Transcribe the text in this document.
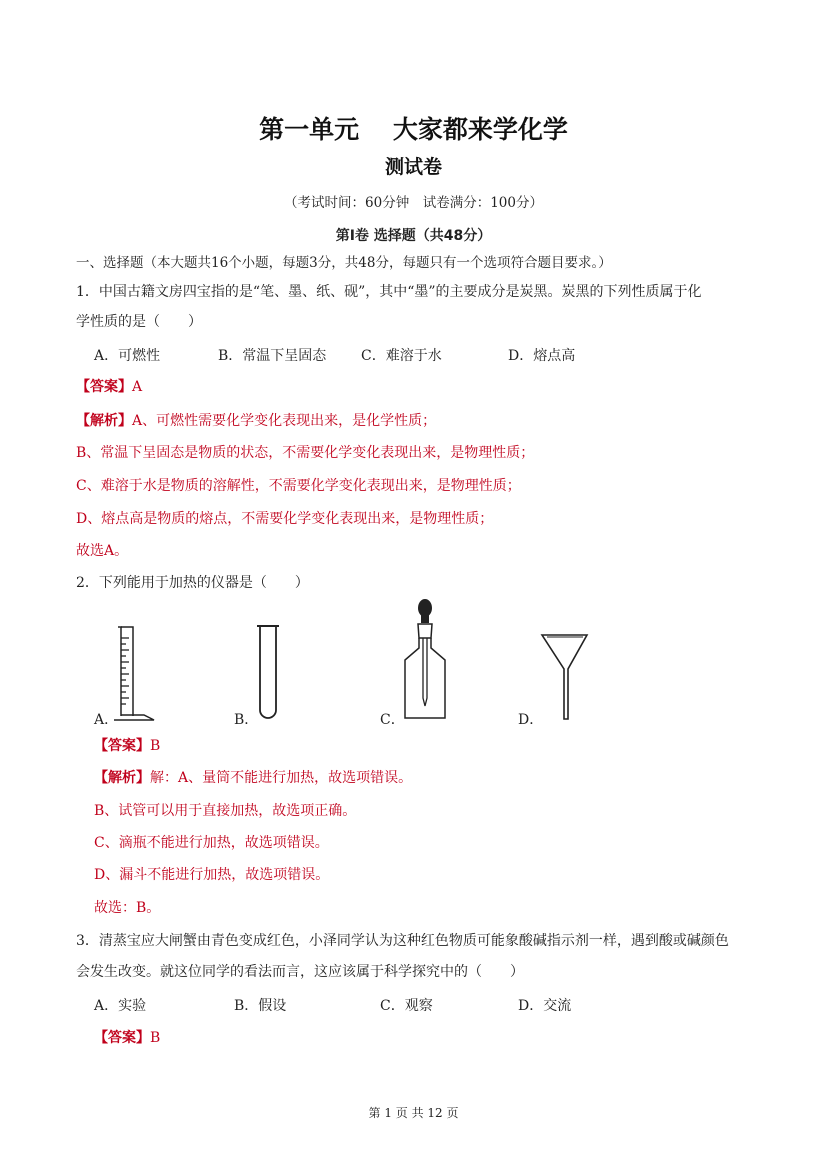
第一单元　 大家都来学化学
测试卷
（考试时间：60分钟　试卷满分：100分）
第Ⅰ卷 选择题（共48分）
一、选择题（本大题共16个小题，每题3分，共48分，每题只有一个选项符合题目要求。）
1．中国古籍文房四宝指的是“笔、墨、纸、砚”，其中“墨”的主要成分是炭黑。炭黑的下列性质属于化
学性质的是（　　）
A．可燃性	B．常温下呈固态 C．难溶于水	D．熔点高
【答案】A
【解析】A、可燃性需要化学变化表现出来，是化学性质；
B、常温下呈固态是物质的状态，不需要化学变化表现出来，是物理性质；
C、难溶于水是物质的溶解性，不需要化学变化表现出来，是物理性质；
D、熔点高是物质的熔点，不需要化学变化表现出来，是物理性质；
故选A。
2．下列能用于加热的仪器是（　　）
A．	B．	C．	D．
【答案】B
【解析】解：A、量筒不能进行加热，故选项错误。
B、试管可以用于直接加热，故选项正确。
C、滴瓶不能进行加热，故选项错误。
D、漏斗不能进行加热，故选项错误。
故选：B。
3．清蒸宝应大闸蟹由青色变成红色，小泽同学认为这种红色物质可能象酸碱指示剂一样，遇到酸或碱颜色
会发生改变。就这位同学的看法而言，这应该属于科学探究中的（　　）
A．实验	B．假设	C．观察	D．交流
【答案】B
第 1 页 共 12 页
